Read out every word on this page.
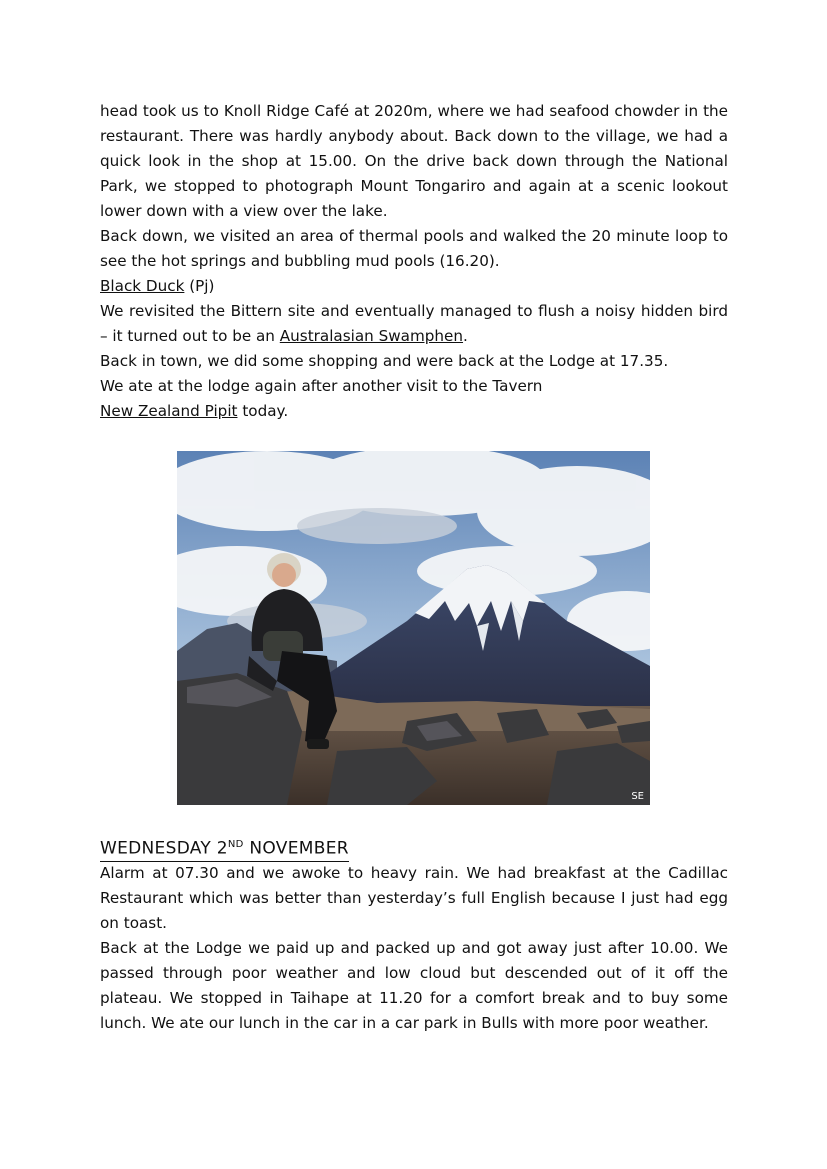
head took us to Knoll Ridge Café at 2020m, where we had seafood chowder in the restaurant. There was hardly anybody about. Back down to the village, we had a quick look in the shop at 15.00. On the drive back down through the National Park, we stopped to photograph Mount Tongariro and again at a scenic lookout lower down with a view over the lake.

Back down, we visited an area of thermal pools and walked the 20 minute loop to see the hot springs and bubbling mud pools (16.20).

Black Duck (Pj)

We revisited the Bittern site and eventually managed to flush a noisy hidden bird – it turned out to be an Australasian Swamphen.

Back in town, we did some shopping and were back at the Lodge at 17.35.

We ate at the lodge again after another visit to the Tavern

New Zealand Pipit today.

SE
WEDNESDAY 2ND NOVEMBER

Alarm at 07.30 and we awoke to heavy rain. We had breakfast at the Cadillac Restaurant which was better than yesterday’s full English because I just had egg on toast.

Back at the Lodge we paid up and packed up and got away just after 10.00. We passed through poor weather and low cloud but descended out of it off the plateau. We stopped in Taihape at 11.20 for a comfort break and to buy some lunch. We ate our lunch in the car in a car park in Bulls with more poor weather.
